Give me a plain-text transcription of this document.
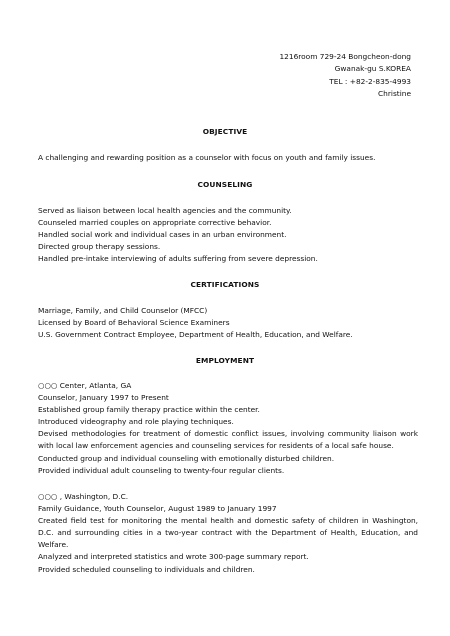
1216room 729-24 Bongcheon-dong
Gwanak-gu S.KOREA
TEL : +82-2-835-4993
Christine
OBJECTIVE
A challenging and rewarding position as a counselor with focus on youth and family issues.
COUNSELING
Served as liaison between local health agencies and the community.
Counseled married couples on appropriate corrective behavior.
Handled social work and individual cases in an urban environment.
Directed group therapy sessions.
Handled pre-intake interviewing of adults suffering from severe depression.
CERTIFICATIONS
Marriage, Family, and Child Counselor (MFCC)
Licensed by Board of Behavioral Science Examiners
U.S. Government Contract Employee, Department of Health, Education, and Welfare.
EMPLOYMENT
○○○ Center, Atlanta, GA
Counselor, January 1997 to Present
Established group family therapy practice within the center.
Introduced videography and role playing techniques.
Devised methodologies for treatment of domestic conflict issues, involving community liaison work with local law enforcement agencies and counseling services for residents of a local safe house.
Conducted group and individual counseling with emotionally disturbed children.
Provided individual adult counseling to twenty-four regular clients.
○○○ , Washington, D.C.
Family Guidance, Youth Counselor, August 1989 to January 1997
Created field test for monitoring the mental health and domestic safety of children in Washington, D.C. and surrounding cities in a two-year contract with the Department of Health, Education, and Welfare.
Analyzed and interpreted statistics and wrote 300-page summary report.
Provided scheduled counseling to individuals and children.
